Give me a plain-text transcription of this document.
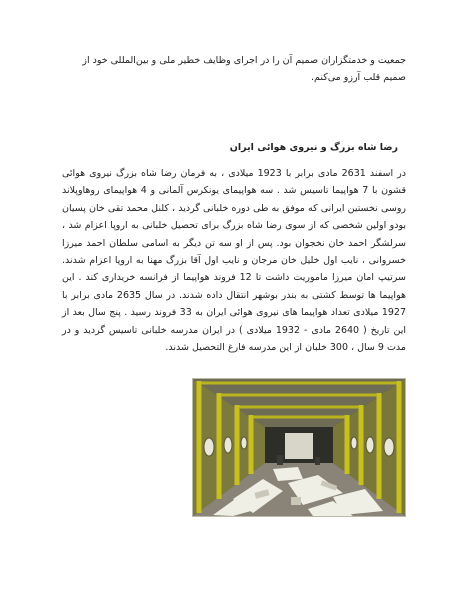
جمعیت و خدمتگزاران صمیم آن را در اجرای وظایف خطیر ملی و بین‌المللی خود از صمیم قلب آرزو می‌کنم.
رضا شاه بزرگ و نیروی هوائی ایران
در اسفند 2631 مادی برابر با 1923 میلادی ، به فرمان رضا شاه بزرگ نیروی هوائی قشون با 7 هواپیما تاسیس شد . سه هواپیمای یونکرس آلمانی و 4 هواپیمای روهاوپلاند روسی نخستین ایرانی که موفق به طی دوره خلبانی گردید ، کلنل محمد تقی خان پسیان بودو اولین شخصی که از سوی رضا شاه بزرگ برای تحصیل خلبانی به اروپا اعزام شد ، سرلشگر احمد خان نخجوان بود. پس از او سه تن دیگر به اسامی سلطان احمد میرزا خسروانی ، نایب اول خلیل خان مرجان و نایب اول آقا بزرگ مهنا به اروپا اعزام شدند. سرتیپ امان میرزا ماموریت داشت تا 12 فروند هواپیما از فرانسه خریداری کند . این هواپیما ها توسط کشتی به بندر بوشهر انتقال داده شدند. در سال 2635 مادی برابر با 1927 میلادی تعداد هواپیما های نیروی هوائی ایران به 33 فروند رسید . پنج سال بعد از این تاریخ ( 2640 مادی - 1932 میلادی ) در ایران مدرسه خلبانی تاسیس گردید و در مدت 9 سال ، 300 خلبان از این مدرسه فارغ التحصیل شدند.
